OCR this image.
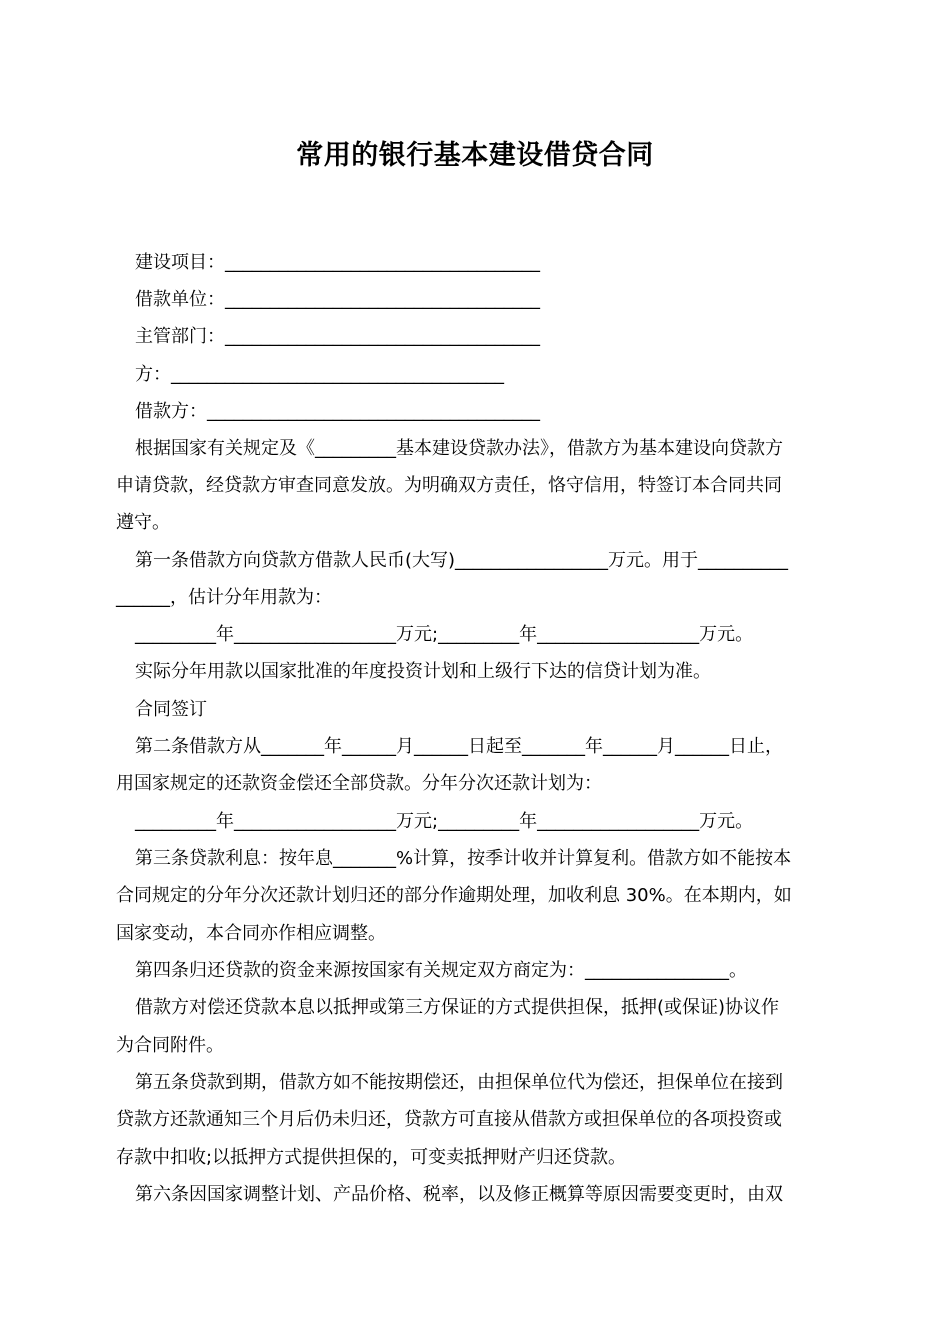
常用的银行基本建设借贷合同

建设项目：___________________________________

借款单位：___________________________________

主管部门：___________________________________

方：_____________________________________

借款方：_____________________________________

根据国家有关规定及《_________基本建设贷款办法》，借款方为基本建设向贷款方

申请贷款，经贷款方审查同意发放。为明确双方责任，恪守信用，特签订本合同共同

遵守。

第一条借款方向贷款方借款人民币(大写)_________________万元。用于__________

______，估计分年用款为：

_________年__________________万元;_________年__________________万元。

实际分年用款以国家批准的年度投资计划和上级行下达的信贷计划为准。

合同签订

第二条借款方从_______年______月______日起至_______年______月______日止，

用国家规定的还款资金偿还全部贷款。分年分次还款计划为：

_________年__________________万元;_________年__________________万元。

第三条贷款利息：按年息_______%计算，按季计收并计算复利。借款方如不能按本

合同规定的分年分次还款计划归还的部分作逾期处理，加收利息 30%。在本期内，如

国家变动，本合同亦作相应调整。

第四条归还贷款的资金来源按国家有关规定双方商定为：________________。

借款方对偿还贷款本息以抵押或第三方保证的方式提供担保，抵押(或保证)协议作

为合同附件。

第五条贷款到期，借款方如不能按期偿还，由担保单位代为偿还，担保单位在接到

贷款方还款通知三个月后仍未归还，贷款方可直接从借款方或担保单位的各项投资或

存款中扣收;以抵押方式提供担保的，可变卖抵押财产归还贷款。

第六条因国家调整计划、产品价格、税率，以及修正概算等原因需要变更时，由双
